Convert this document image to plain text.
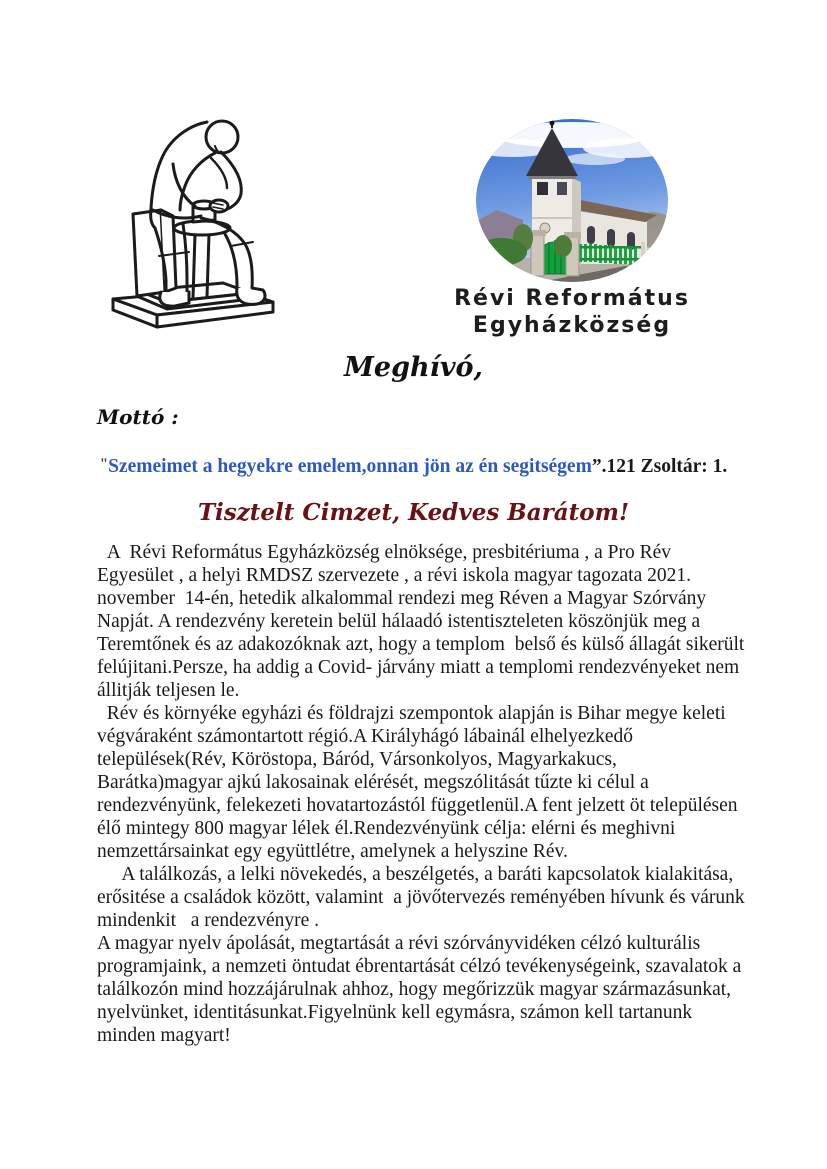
Révi Református
Egyházközség
Meghívó,
Mottó :
"Szemeimet a hegyekre emelem,onnan jön az én segitségem”.121 Zsoltár: 1.
Tisztelt Cimzet, Kedves Barátom!

A  Révi Református Egyházközség elnöksége, presbitériuma , a Pro Rév Egyesület , a helyi RMDSZ szervezete , a révi iskola magyar tagozata 2021. november  14-én, hetedik alkalommal rendezi meg Réven a Magyar Szórvány Napját. A rendezvény keretein belül hálaadó istentiszteleten köszönjük meg a Teremtőnek és az adakozóknak azt, hogy a templom  belső és külső állagát sikerült felújitani.Persze, ha addig a Covid- járvány miatt a templomi rendezvényeket nem állitják teljesen le.

Rév és környéke egyházi és földrajzi szempontok alapján is Bihar megye keleti végváraként számontartott régió.A Királyhágó lábainál elhelyezkedő települések(Rév, Köröstopa, Báród, Vársonkolyos, Magyarkakucs, Barátka)magyar ajkú lakosainak elérését, megszólitását tűzte ki célul a rendezvényünk, felekezeti hovatartozástól függetlenül.A fent jelzett öt településen élő mintegy 800 magyar lélek él.Rendezvényünk célja: elérni és meghivni nemzettársainkat egy együttlétre, amelynek a helyszine Rév.

A találkozás, a lelki növekedés, a beszélgetés, a baráti kapcsolatok kialakitása, erősitése a családok között, valamint  a jövőtervezés reményében hívunk és várunk mindenkit   a rendezvényre .

A magyar nyelv ápolását, megtartását a révi szórványvidéken célzó kulturális programjaink, a nemzeti öntudat ébrentartását célzó tevékenységeink, szavalatok a találkozón mind hozzájárulnak ahhoz, hogy megőrizzük magyar származásunkat, nyelvünket, identitásunkat.Figyelnünk kell egymásra, számon kell tartanunk minden magyart!
